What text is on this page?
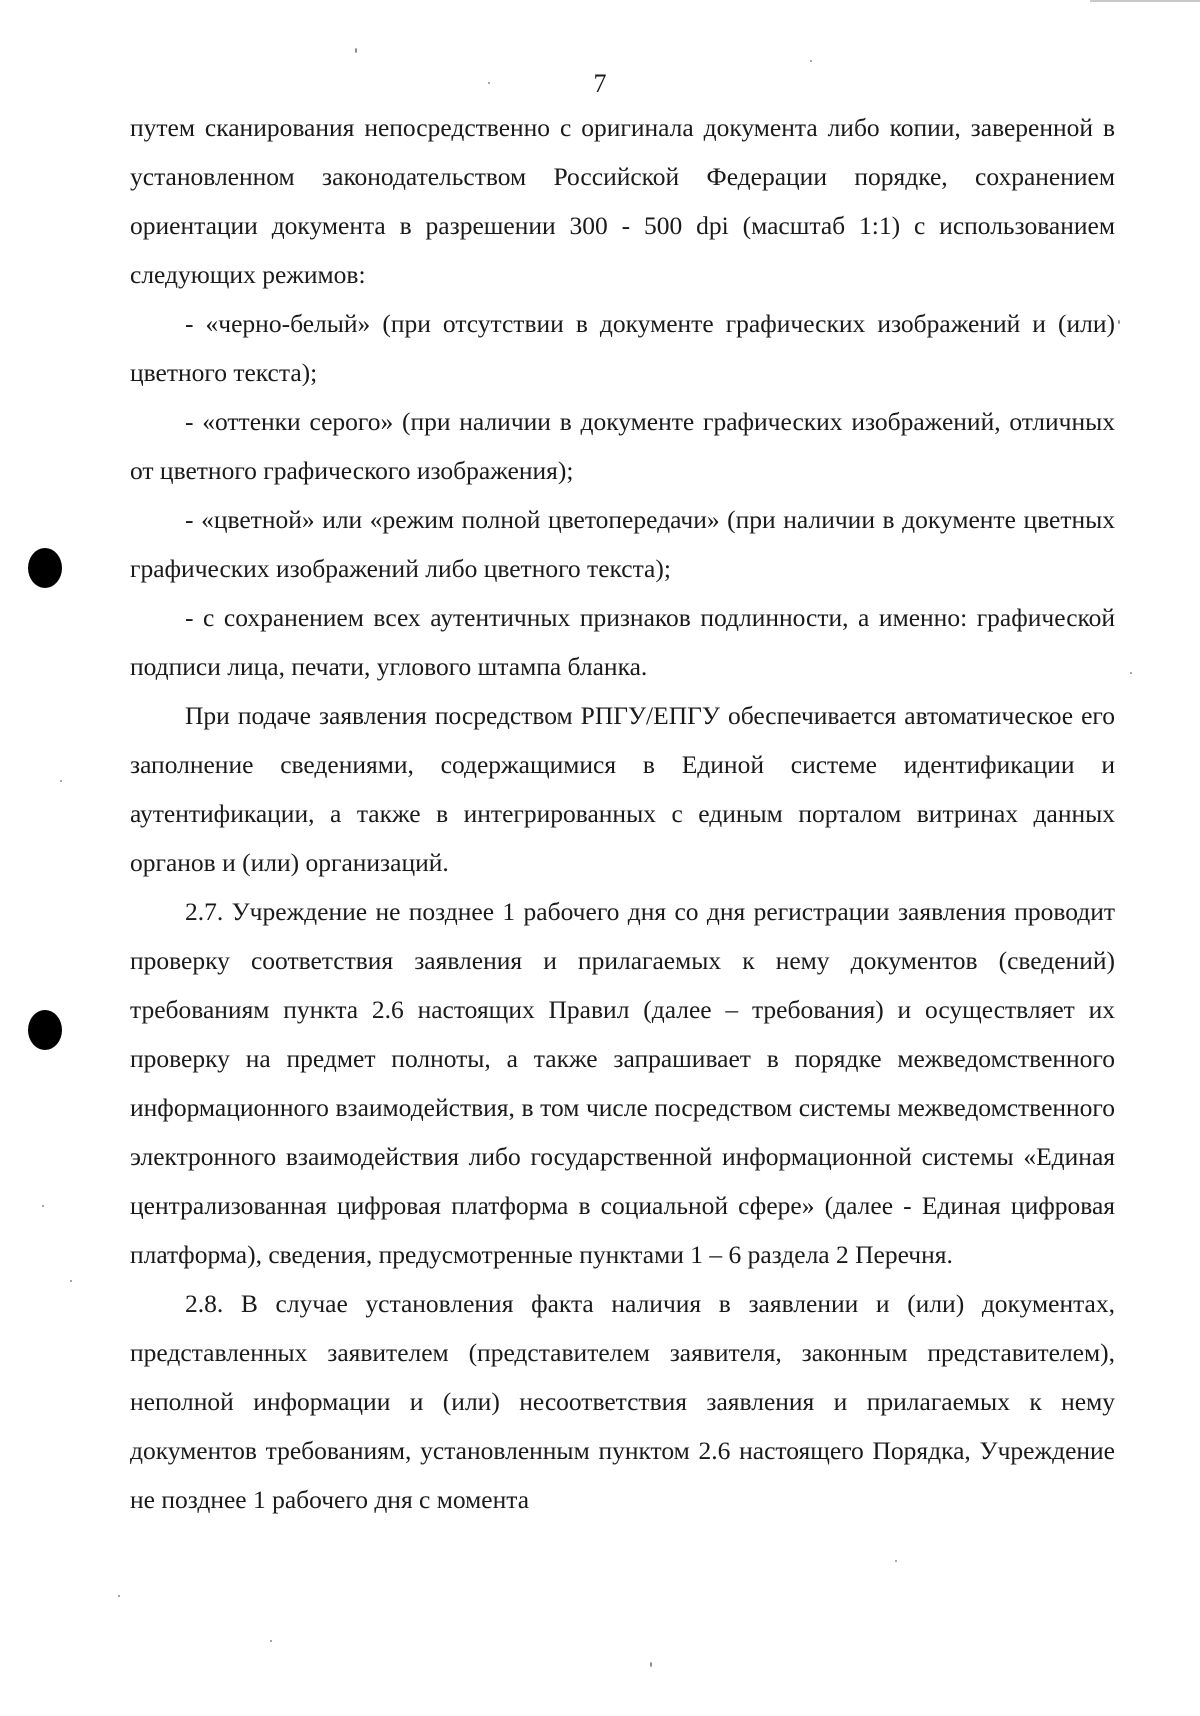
7

путем сканирования непосредственно с оригинала документа либо копии, заверенной в установленном законодательством Российской Федерации порядке, сохранением ориентации документа в разрешении 300 - 500 dpi (масштаб 1:1) с использованием следующих режимов:

- «черно-белый» (при отсутствии в документе графических изображений и (или) цветного текста);

- «оттенки серого» (при наличии в документе графических изображений, отличных от цветного графического изображения);

- «цветной» или «режим полной цветопередачи» (при наличии в документе цветных графических изображений либо цветного текста);

- с сохранением всех аутентичных признаков подлинности, а именно: графической подписи лица, печати, углового штампа бланка.

При подаче заявления посредством РПГУ/ЕПГУ обеспечивается автоматическое его заполнение сведениями, содержащимися в Единой системе идентификации и аутентификации, а также в интегрированных с единым порталом витринах данных органов и (или) организаций.

2.7. Учреждение не позднее 1 рабочего дня со дня регистрации заявления проводит проверку соответствия заявления и прилагаемых к нему документов (сведений) требованиям пункта 2.6 настоящих Правил (далее – требования) и осуществляет их проверку на предмет полноты, а также запрашивает в порядке межведомственного информационного взаимодействия, в том числе посредством системы межведомственного электронного взаимодействия либо государственной информационной системы «Единая централизованная цифровая платформа в социальной сфере» (далее - Единая цифровая платформа), сведения, предусмотренные пунктами 1 – 6 раздела 2 Перечня.

2.8. В случае установления факта наличия в заявлении и (или) документах, представленных заявителем (представителем заявителя, законным представителем), неполной информации и (или) несоответствия заявления и прилагаемых к нему документов требованиям, установленным пунктом 2.6 настоящего Порядка, Учреждение не позднее 1 рабочего дня с момента
